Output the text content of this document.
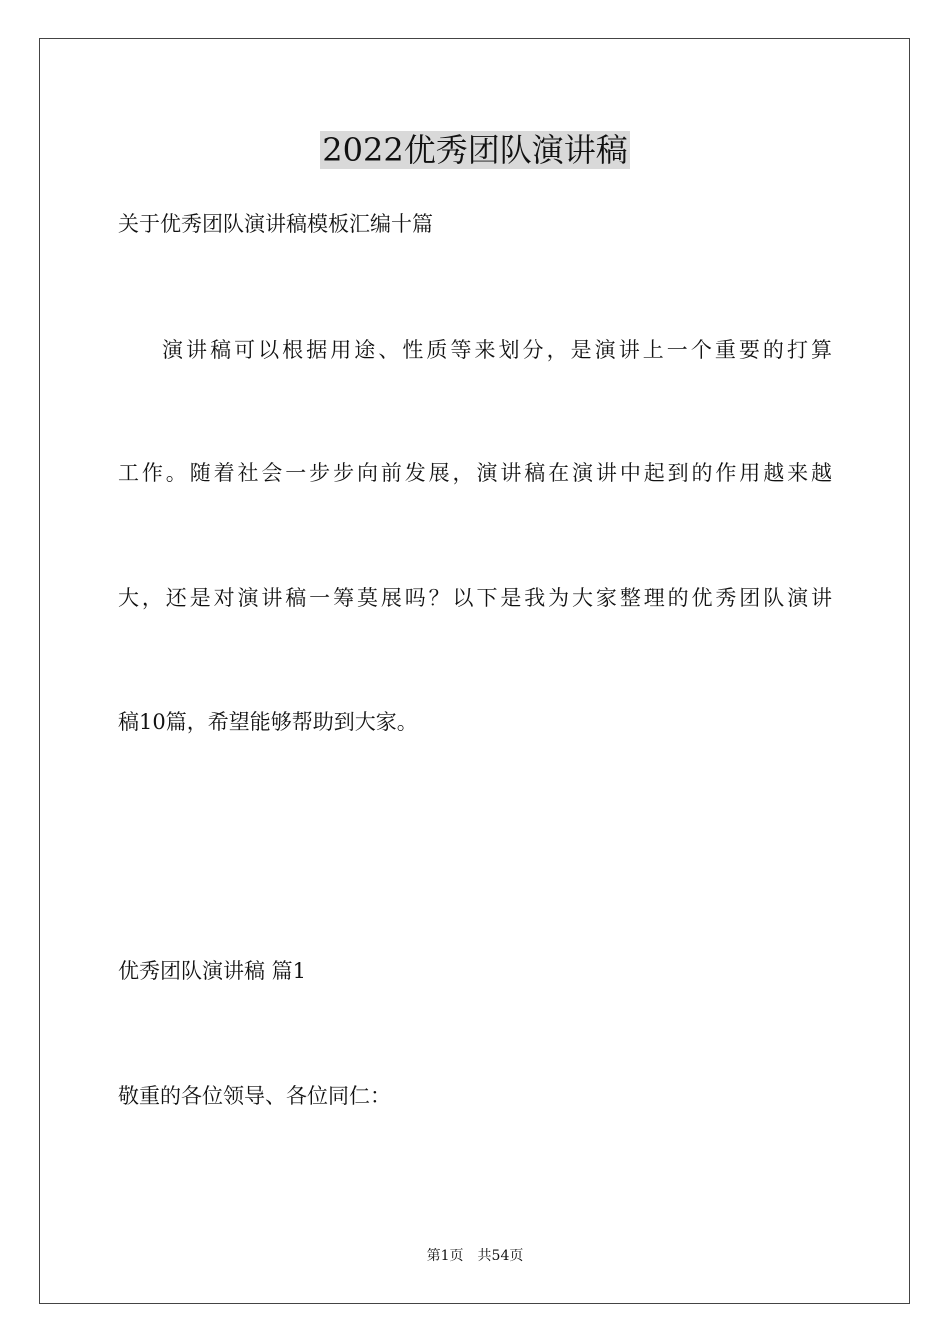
2022优秀团队演讲稿
关于优秀团队演讲稿模板汇编十篇
演讲稿可以根据用途、性质等来划分，是演讲上一个重要的打算
工作。随着社会一步步向前发展，演讲稿在演讲中起到的作用越来越
大，还是对演讲稿一筹莫展吗？以下是我为大家整理的优秀团队演讲
稿10篇，希望能够帮助到大家。
优秀团队演讲稿 篇1
敬重的各位领导、各位同仁：
第1页　共54页
